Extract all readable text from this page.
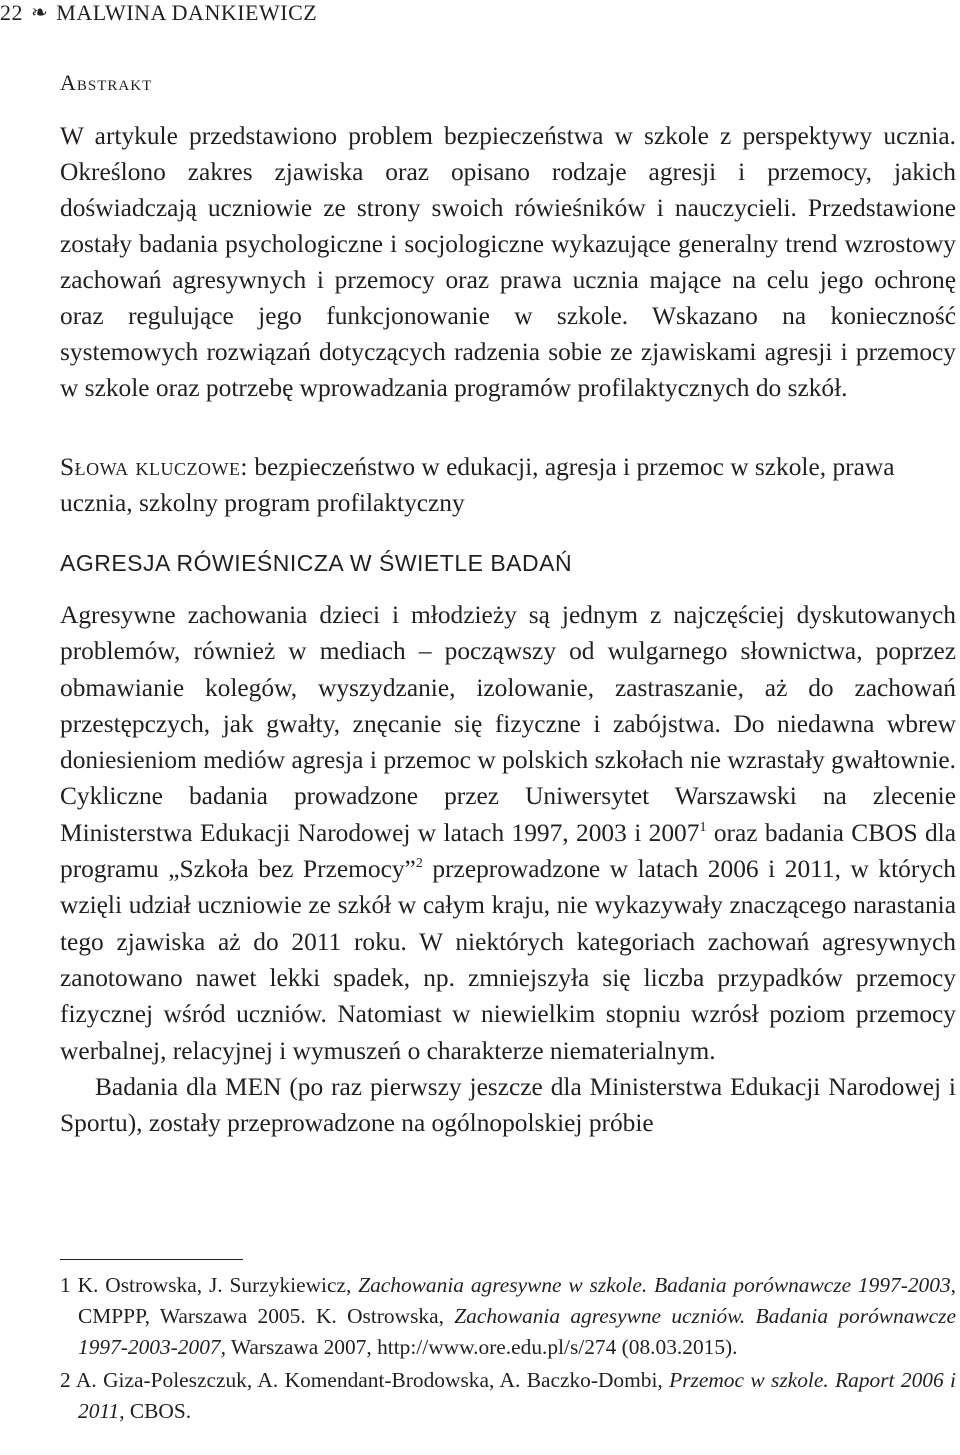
22 ❧ MALWINA DANKIEWICZ
Abstrakt

W artykule przedstawiono problem bezpieczeństwa w szkole z perspektywy ucznia. Określono zakres zjawiska oraz opisano rodzaje agresji i przemocy, jakich doświadczają uczniowie ze strony swoich rówieśników i nauczycieli. Przedstawione zostały badania psychologiczne i socjologiczne wykazujące generalny trend wzrostowy zachowań agresywnych i przemocy oraz prawa ucznia mające na celu jego ochronę oraz regulujące jego funkcjonowanie w szkole. Wskazano na konieczność systemowych rozwiązań dotyczących radzenia sobie ze zjawiskami agresji i przemocy w szkole oraz potrzebę wprowadzania programów profilaktycznych do szkół.

Słowa kluczowe: bezpieczeństwo w edukacji, agresja i przemoc w szkole, prawa ucznia, szkolny program profilaktyczny

AGRESJA RÓWIEŚNICZA W ŚWIETLE BADAŃ

Agresywne zachowania dzieci i młodzieży są jednym z najczęściej dyskutowanych problemów, również w mediach – począwszy od wulgarnego słownictwa, poprzez obmawianie kolegów, wyszydzanie, izolowanie, zastraszanie, aż do zachowań przestępczych, jak gwałty, znęcanie się fizyczne i zabójstwa. Do niedawna wbrew doniesieniom mediów agresja i przemoc w polskich szkołach nie wzrastały gwałtownie. Cykliczne badania prowadzone przez Uniwersytet Warszawski na zlecenie Ministerstwa Edukacji Narodowej w latach 1997, 2003 i 2007$^1$ oraz badania CBOS dla programu „Szkoła bez Przemocy”$^2$ przeprowadzone w latach 2006 i 2011, w których wzięli udział uczniowie ze szkół w całym kraju, nie wykazywały znaczącego narastania tego zjawiska aż do 2011 roku. W niektórych kategoriach zachowań agresywnych zanotowano nawet lekki spadek, np. zmniejszyła się liczba przypadków przemocy fizycznej wśród uczniów. Natomiast w niewielkim stopniu wzrósł poziom przemocy werbalnej, relacyjnej i wymuszeń o charakterze niematerialnym.

Badania dla MEN (po raz pierwszy jeszcze dla Ministerstwa Edukacji Narodowej i Sportu), zostały przeprowadzone na ogólnopolskiej próbie

1 K. Ostrowska, J. Surzykiewicz, Zachowania agresywne w szkole. Badania porównawcze 1997-2003, CMPPP, Warszawa 2005. K. Ostrowska, Zachowania agresywne uczniów. Badania porównawcze 1997-2003-2007, Warszawa 2007, http://www.ore.edu.pl/s/274 (08.03.2015).

2 A. Giza-Poleszczuk, A. Komendant-Brodowska, A. Baczko-Dombi, Przemoc w szkole. Raport 2006 i 2011, CBOS.
